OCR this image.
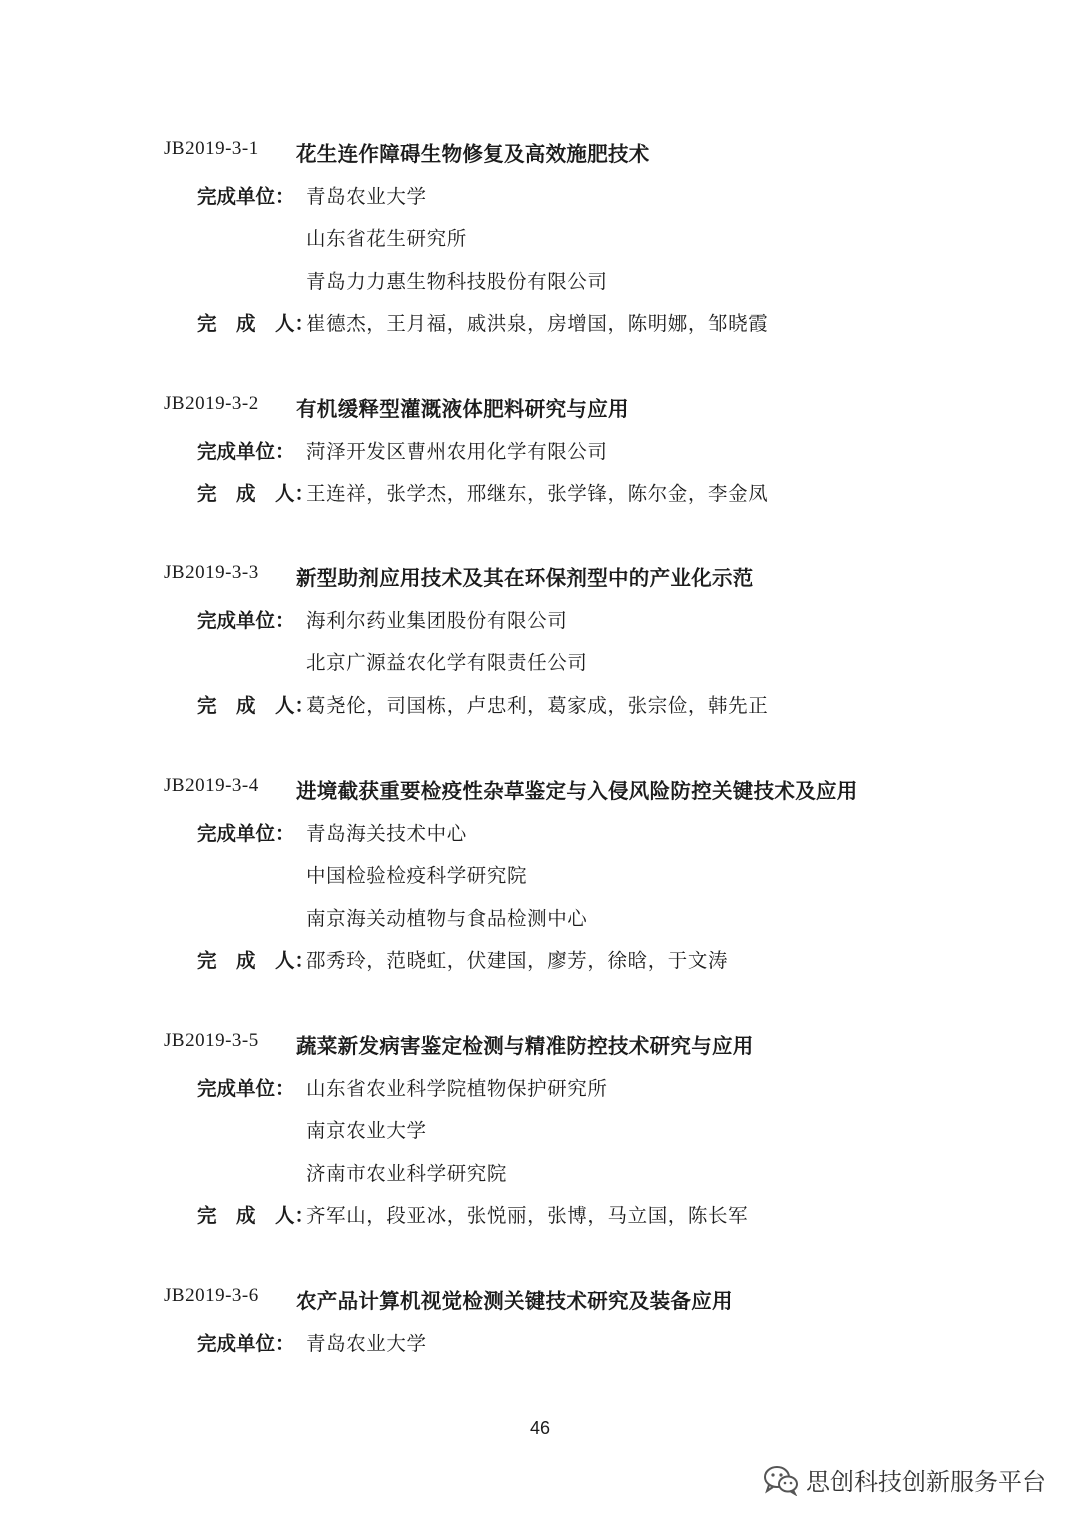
JB2019-3-1 花生连作障碍生物修复及高效施肥技术
完成单位： 青岛农业大学
山东省花生研究所
青岛力力惠生物科技股份有限公司
完　成　人：
崔德杰，王月福，戚洪泉，房增国，陈明娜，邹晓霞
JB2019-3-2 有机缓释型灌溉液体肥料研究与应用
完成单位： 菏泽开发区曹州农用化学有限公司
完　成　人：
王连祥，张学杰，邢继东，张学锋，陈尔金，李金凤
JB2019-3-3 新型助剂应用技术及其在环保剂型中的产业化示范
完成单位： 海利尔药业集团股份有限公司
北京广源益农化学有限责任公司
完　成　人：
葛尧伦，司国栋，卢忠利，葛家成，张宗俭，韩先正
JB2019-3-4 进境截获重要检疫性杂草鉴定与入侵风险防控关键技术及应用
完成单位： 青岛海关技术中心
中国检验检疫科学研究院
南京海关动植物与食品检测中心
完　成　人：
邵秀玲，范晓虹，伏建国，廖芳，徐晗，于文涛
JB2019-3-5 蔬菜新发病害鉴定检测与精准防控技术研究与应用
完成单位： 山东省农业科学院植物保护研究所
南京农业大学
济南市农业科学研究院
完　成　人：
齐军山，段亚冰，张悦丽，张博，马立国，陈长军
JB2019-3-6 农产品计算机视觉检测关键技术研究及装备应用
完成单位： 青岛农业大学
46
思创科技创新服务平台
